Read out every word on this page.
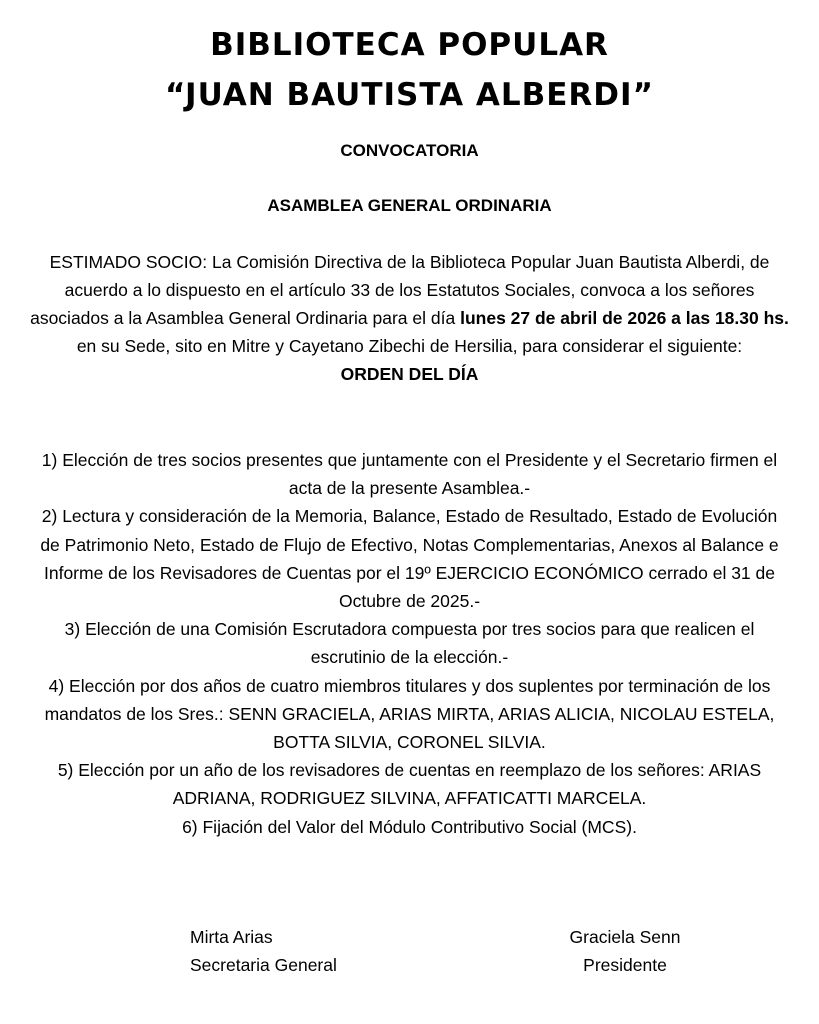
BIBLIOTECA POPULAR
“JUAN BAUTISTA ALBERDI”
CONVOCATORIA
ASAMBLEA GENERAL ORDINARIA
ESTIMADO SOCIO: La Comisión Directiva de la Biblioteca Popular Juan Bautista Alberdi, de acuerdo a lo dispuesto en el artículo 33 de los Estatutos Sociales, convoca a los señores asociados a la Asamblea General Ordinaria para el día lunes 27 de abril de 2026 a las 18.30 hs. en su Sede, sito en Mitre y Cayetano Zibechi de Hersilia, para considerar el siguiente:
ORDEN DEL DÍA
1) Elección de tres socios presentes que juntamente con el Presidente y el Secretario firmen el acta de la presente Asamblea.-
2) Lectura y consideración de la Memoria, Balance, Estado de Resultado, Estado de Evolución de Patrimonio Neto, Estado de Flujo de Efectivo, Notas Complementarias, Anexos al Balance e Informe de los Revisadores de Cuentas por el 19º EJERCICIO ECONÓMICO cerrado el 31 de Octubre de 2025.-
3) Elección de una Comisión Escrutadora compuesta por tres socios para que realicen el escrutinio de la elección.-
4) Elección por dos años de cuatro miembros titulares y dos suplentes por terminación de los mandatos de los Sres.: SENN GRACIELA, ARIAS MIRTA, ARIAS ALICIA, NICOLAU ESTELA, BOTTA SILVIA, CORONEL SILVIA.
5) Elección por un año de los revisadores de cuentas en reemplazo de los señores: ARIAS ADRIANA, RODRIGUEZ SILVINA, AFFATICATTI MARCELA.
6) Fijación del Valor del Módulo Contributivo Social (MCS).
Mirta Arias
Secretaria General
Graciela Senn
Presidente
